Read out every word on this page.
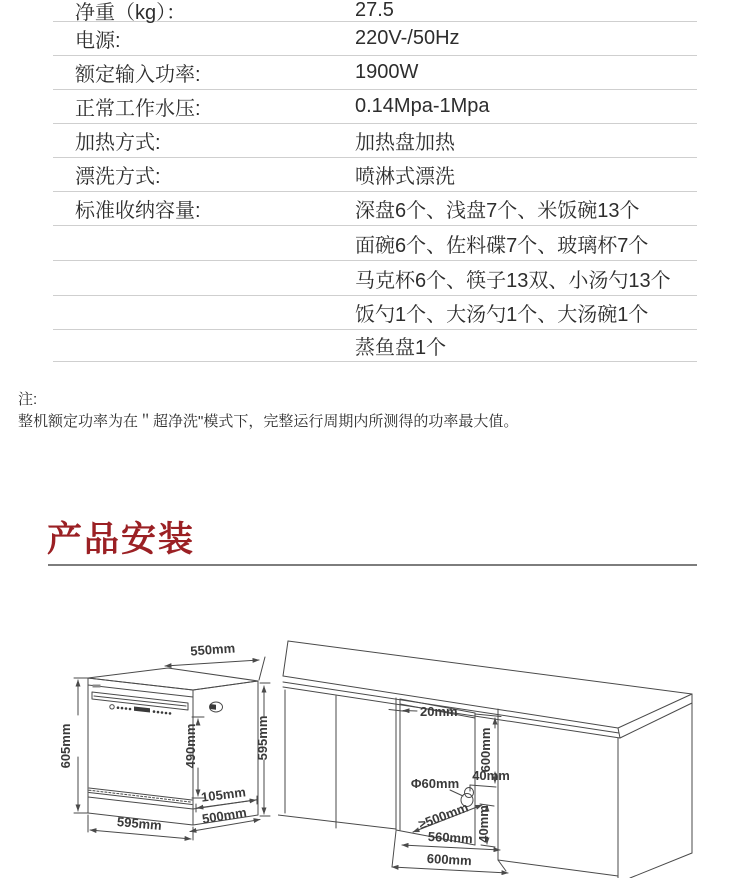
净重（kg）：	27.5
电源:	220V-/50Hz
额定输入功率:	1900W
正常工作水压:	0.14Mpa-1Mpa
加热方式:	加热盘加热
漂洗方式:	喷淋式漂洗
标准收纳容量:	深盘6个、浅盘7个、米饭碗13个
面碗6个、佐料碟7个、玻璃杯7个
马克杯6个、筷子13双、小汤勺13个
饭勺1个、大汤勺1个、大汤碗1个
蒸鱼盘1个
注:
整机额定功率为在＂超净洗"模式下，完整运行周期内所测得的功率最大值。
产品安装
605mm
550mm
490mm	595mm
595mm	500mm
105mm
20mm
600mm
40mm
Φ60mm
≥500mm 40mm
560mm
600mm
